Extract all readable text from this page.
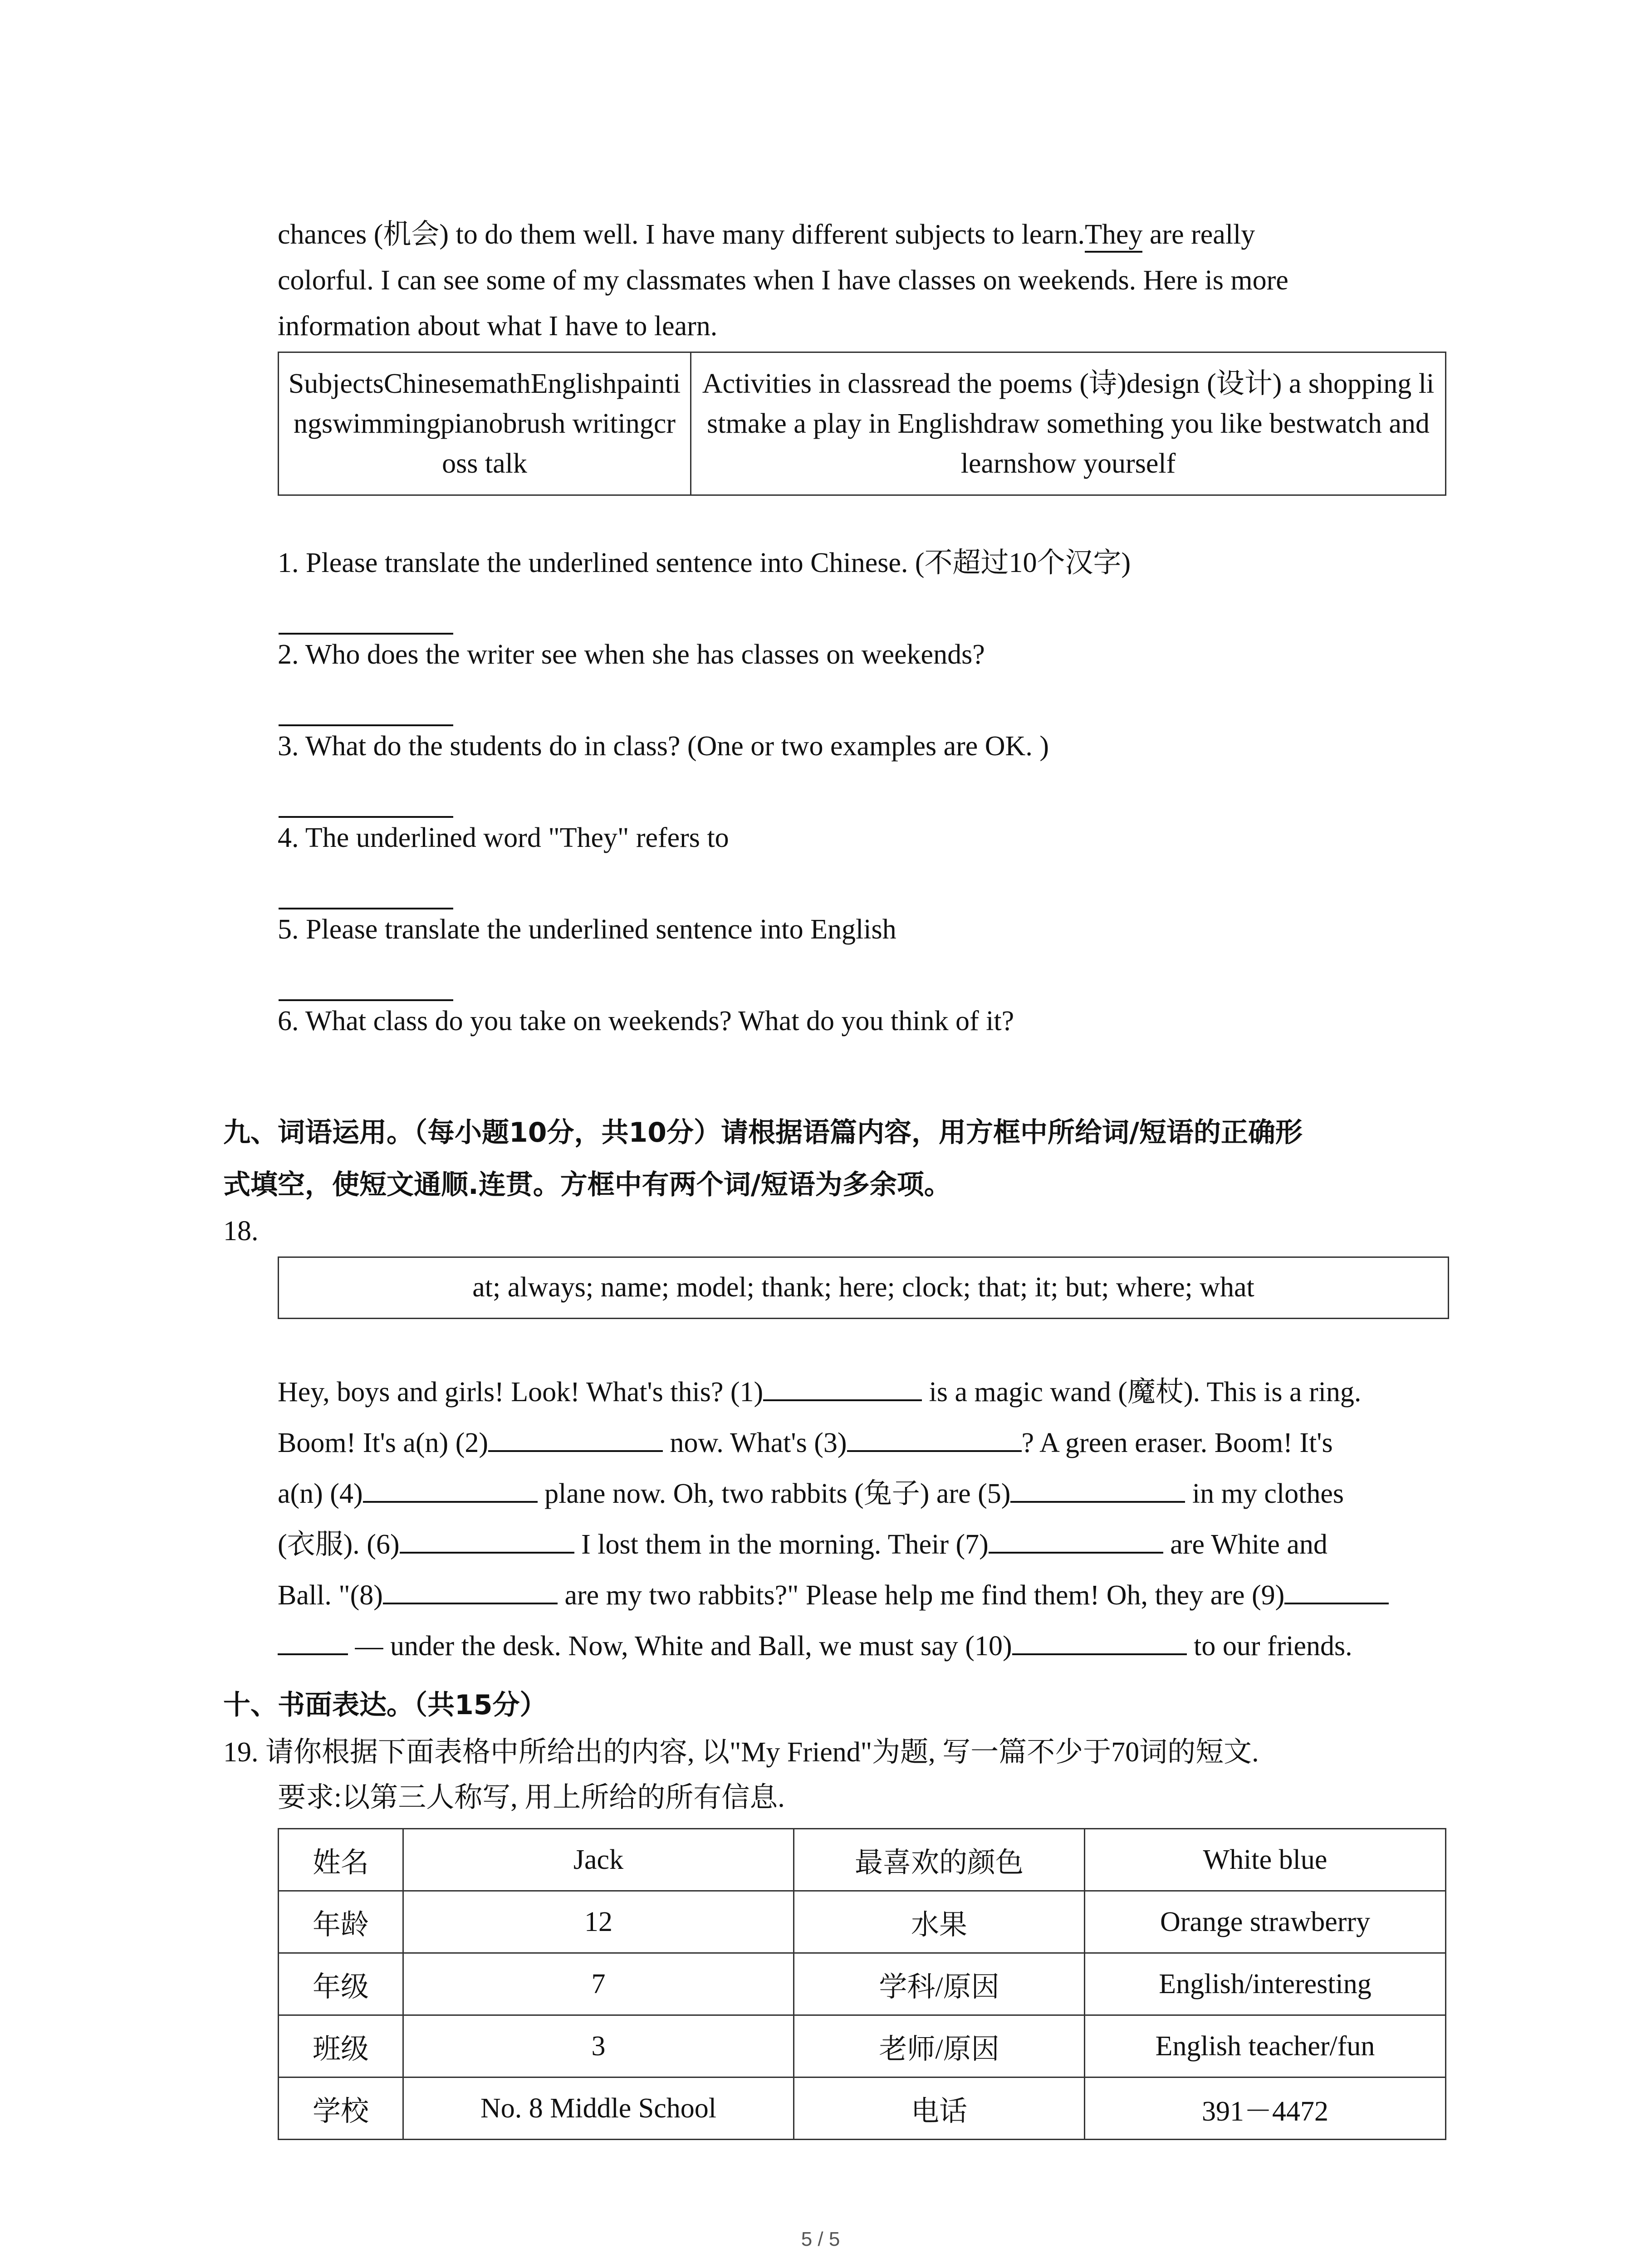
chances (机会) to do them well. I have many different subjects to learn.They are really
colorful. I can see some of my classmates when I have classes on weekends. Here is more
information about what I have to learn.
SubjectsChinesemathEnglishpaintingswimmingpianobrush writingcross talk	Activities in classread the poems (诗)design (设计) a shopping listmake a play in Englishdraw something you like bestwatch and learnshow yourself
1. Please translate the underlined sentence into Chinese. (不超过10个汉字)
2. Who does the writer see when she has classes on weekends?
3. What do the students do in class? (One or two examples are OK. )
4. The underlined word "They" refers to
5. Please translate the underlined sentence into English
6. What class do you take on weekends? What do you think of it?
九、词语运用。（每小题10分，共10分）请根据语篇内容，用方框中所给词/短语的正确形
式填空，使短文通顺.连贯。方框中有两个词/短语为多余项。
18.
at; always; name; model; thank; here; clock; that; it; but; where; what
Hey, boys and girls! Look! What's this? (1)	is a magic wand (魔杖). This is a ring.
Boom! It's a(n) (2)	now. What's (3)	? A green eraser. Boom! It's
a(n) (4)	plane now. Oh, two rabbits (兔子) are (5)	in my clothes
(衣服). (6)	I lost them in the morning. Their (7)	are White and
Ball. "(8)	are my two rabbits?" Please help me find them! Oh, they are (9)
— under the desk. Now, White and Ball, we must say (10)	to our friends.
十、书面表达。（共15分）
19. 请你根据下面表格中所给出的内容, 以"My Friend"为题, 写一篇不少于70词的短文.
要求:以第三人称写, 用上所给的所有信息.
姓名	Jack	最喜欢的颜色	White blue
年龄	12	水果	Orange strawberry
年级	7	学科/原因	English/interesting
班级	3	老师/原因	English teacher/fun
学校	No. 8 Middle School	电话	391－4472
5 / 5
